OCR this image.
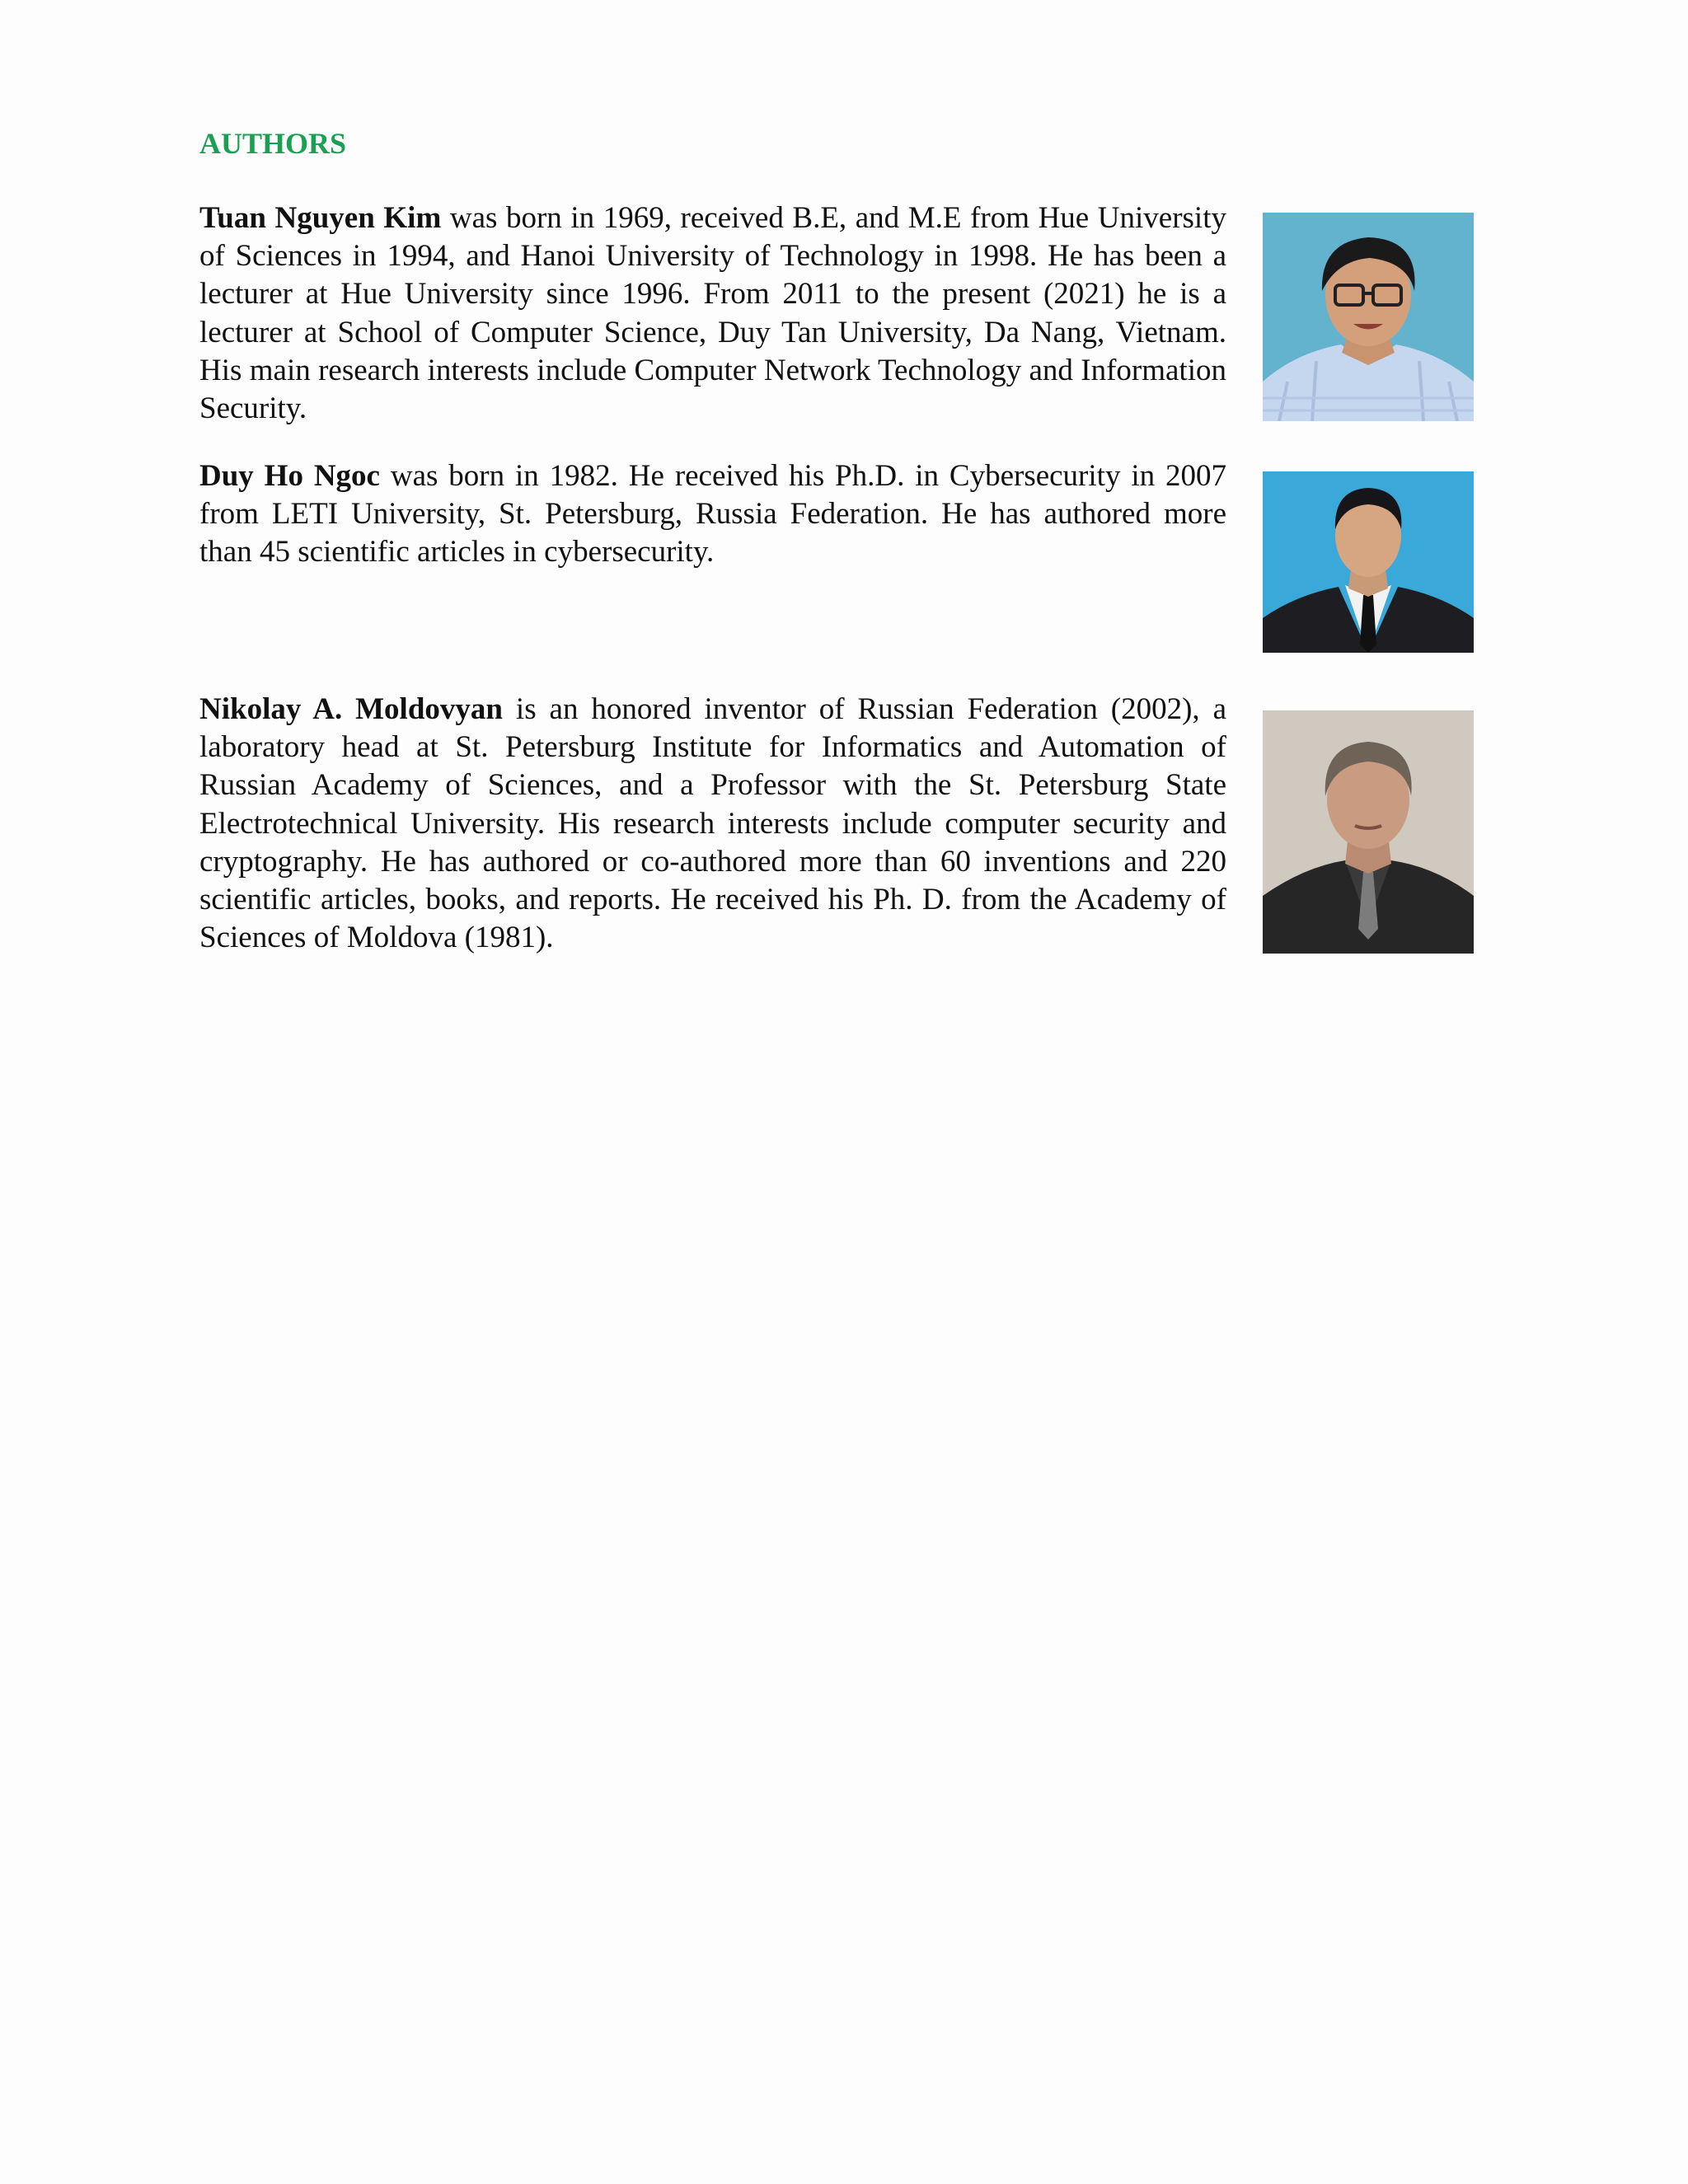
AUTHORS

Tuan Nguyen Kim was born in 1969, received B.E, and M.E from Hue University of Sciences in 1994, and Hanoi University of Technology in 1998. He has been a lecturer at Hue University since 1996. From 2011 to the present (2021) he is a lecturer at School of Computer Science, Duy Tan University, Da Nang, Vietnam. His main research interests include Computer Network Technology and Information Security.

Duy Ho Ngoc was born in 1982. He received his Ph.D. in Cybersecurity in 2007 from LETI University, St. Petersburg, Russia Federation. He has authored more than 45 scientific articles in cybersecurity.

Nikolay A. Moldovyan is an honored inventor of Russian Federation (2002), a laboratory head at St. Petersburg Institute for Informatics and Automation of Russian Academy of Sciences, and a Professor with the St. Petersburg State Electrotechnical University. His research interests include computer security and cryptography. He has authored or co-authored more than 60 inventions and 220 scientific articles, books, and reports. He received his Ph. D. from the Academy of Sciences of Moldova (1981).
